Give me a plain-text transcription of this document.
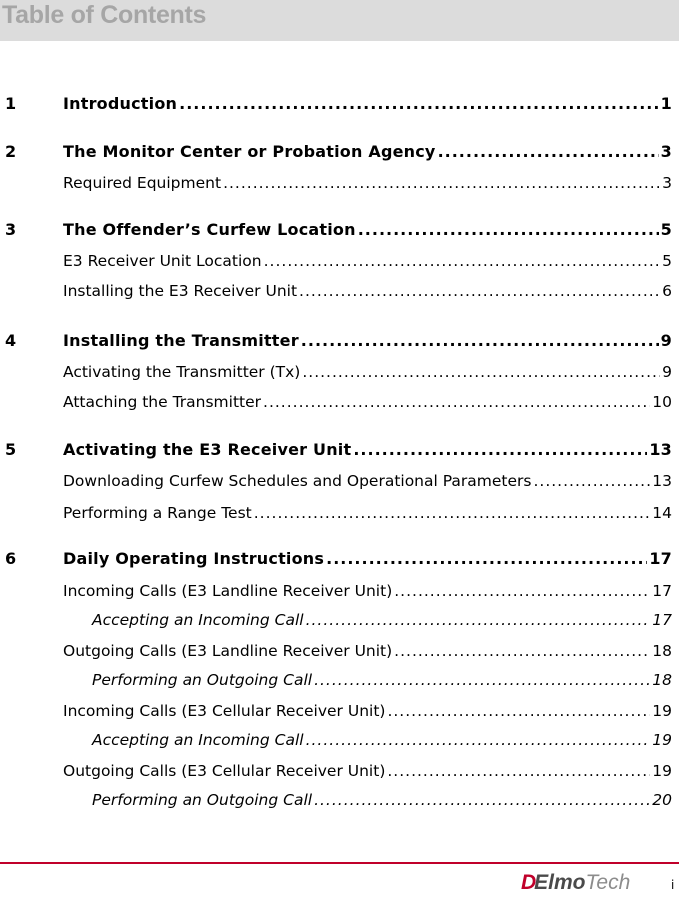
Table of Contents
1	Introduction .....	1
2	The Monitor Center or Probation Agency .....	3
Required Equipment .....	3
3	The Offender’s Curfew Location .....	5
E3 Receiver Unit Location .....	5
Installing the E3 Receiver Unit .....	6
4	Installing the Transmitter .....	9
Activating the Transmitter (Tx) .....	9
Attaching the Transmitter .....	10
5	Activating the E3 Receiver Unit .....	13
Downloading Curfew Schedules and Operational Parameters .....	13
Performing a Range Test .....	14
6	Daily Operating Instructions .....	17
Incoming Calls (E3 Landline Receiver Unit) .....	17
Accepting an Incoming Call .....	17
Outgoing Calls (E3 Landline Receiver Unit) .....	18
Performing an Outgoing Call .....	18
Incoming Calls (E3 Cellular Receiver Unit) .....	19
Accepting an Incoming Call .....	19
Outgoing Calls (E3 Cellular Receiver Unit) .....	19
Performing an Outgoing Call .....	20
D Elmo Tech	i
